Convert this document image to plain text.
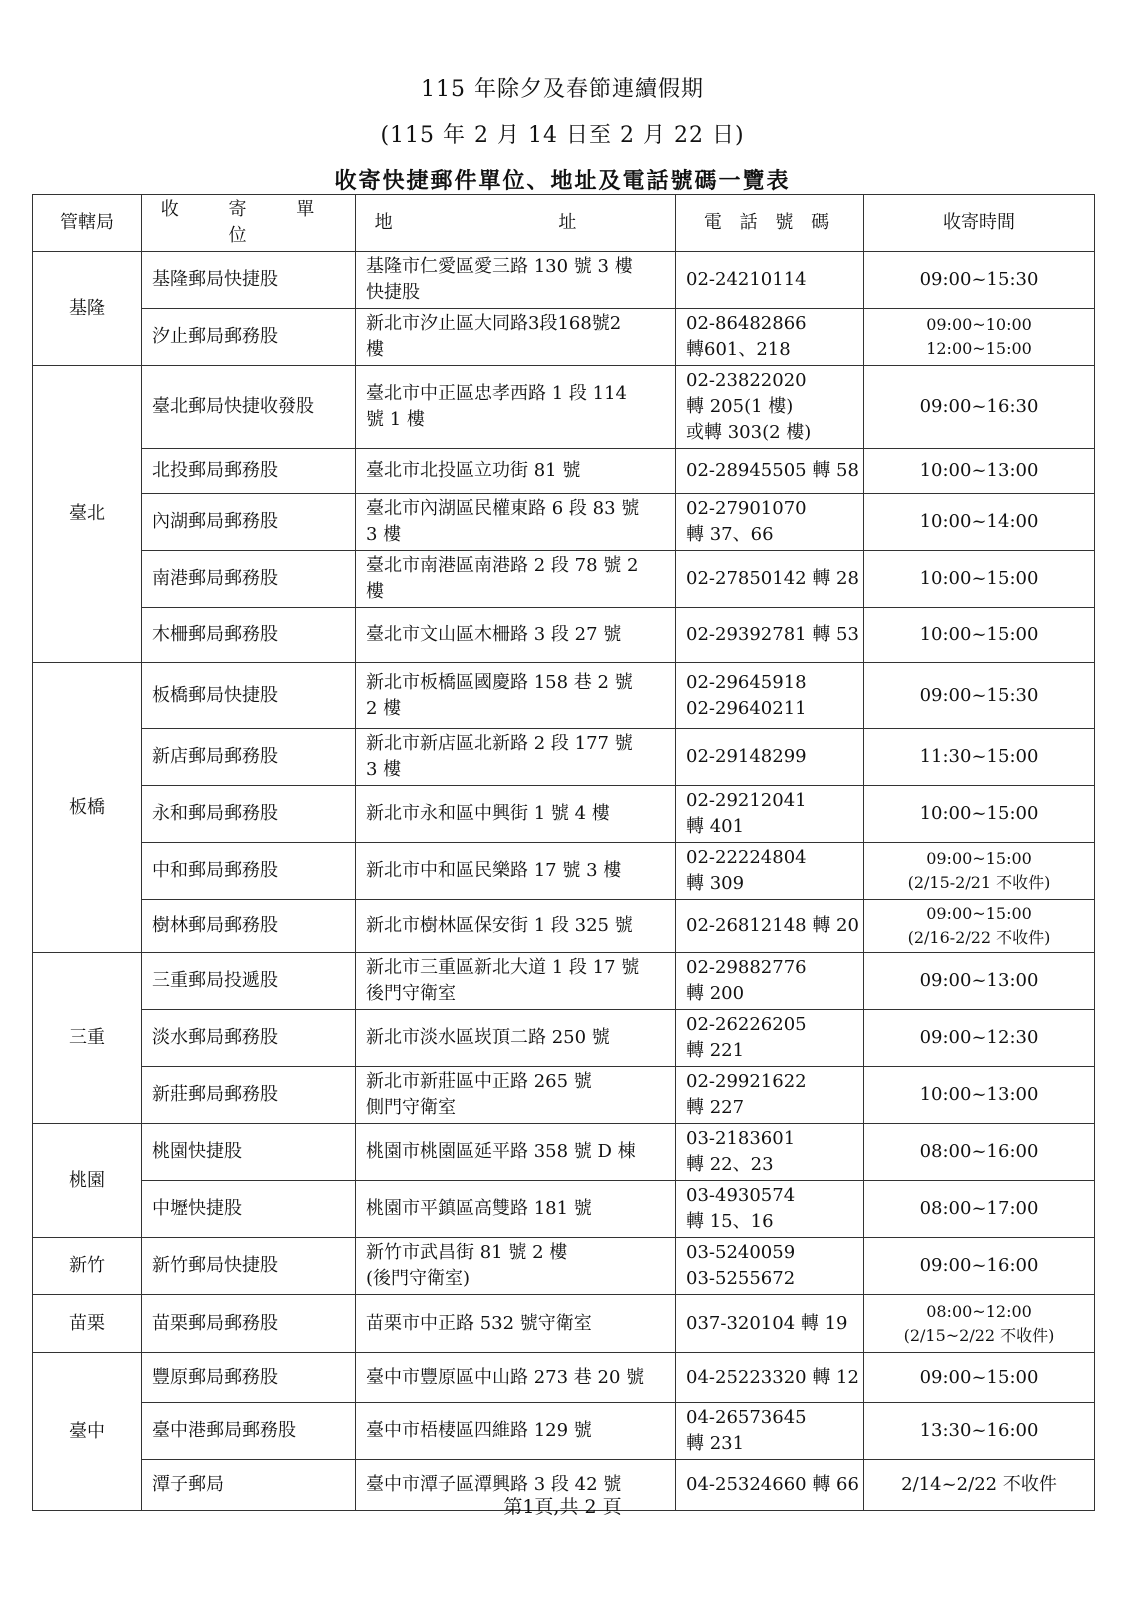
115 年除夕及春節連續假期
(115 年 2 月 14 日至 2 月 22 日)
收寄快捷郵件單位、地址及電話號碼一覽表
管轄局	收 寄 單 位	地 址	電 話 號 碼	收寄時間
基隆	基隆郵局快捷股	基隆市仁愛區愛三路 130 號 3 樓
快捷股	02-24210114	09:00~15:30

	汐止郵局郵務股	新北市汐止區大同路3段168號2
樓	02-86482866
轉601、218	09:00~10:00
12:00~15:00

臺北	臺北郵局快捷收發股	臺北市中正區忠孝西路 1 段 114
號 1 樓	02-23822020
轉 205(1 樓)
或轉 303(2 樓)	09:00~16:30

	北投郵局郵務股	臺北市北投區立功街 81 號	02-28945505 轉 58	10:00~13:00

	內湖郵局郵務股	臺北市內湖區民權東路 6 段 83 號
3 樓	02-27901070
轉 37、66	10:00~14:00

	南港郵局郵務股	臺北市南港區南港路 2 段 78 號 2
樓	02-27850142 轉 28	10:00~15:00

	木柵郵局郵務股	臺北市文山區木柵路 3 段 27 號	02-29392781 轉 53	10:00~15:00

板橋	板橋郵局快捷股	新北市板橋區國慶路 158 巷 2 號
2 樓	02-29645918
02-29640211	09:00~15:30

	新店郵局郵務股	新北市新店區北新路 2 段 177 號
3 樓	02-29148299	11:30~15:00

	永和郵局郵務股	新北市永和區中興街 1 號 4 樓	02-29212041
轉 401	10:00~15:00

	中和郵局郵務股	新北市中和區民樂路 17 號 3 樓	02-22224804
轉 309	09:00~15:00
(2/15-2/21 不收件)

	樹林郵局郵務股	新北市樹林區保安街 1 段 325 號	02-26812148 轉 20	09:00~15:00
(2/16-2/22 不收件)

三重	三重郵局投遞股	新北市三重區新北大道 1 段 17 號
後門守衛室	02-29882776
轉 200	09:00~13:00

	淡水郵局郵務股	新北市淡水區崁頂二路 250 號	02-26226205
轉 221	09:00~12:30

	新莊郵局郵務股	新北市新莊區中正路 265 號
側門守衛室	02-29921622
轉 227	10:00~13:00

桃園	桃園快捷股	桃園市桃園區延平路 358 號 D 棟	03-2183601
轉 22、23	08:00~16:00

	中壢快捷股	桃園市平鎮區高雙路 181 號	03-4930574
轉 15、16	08:00~17:00

新竹	新竹郵局快捷股	新竹市武昌街 81 號 2 樓
(後門守衛室)	03-5240059
03-5255672	09:00~16:00

苗栗	苗栗郵局郵務股	苗栗市中正路 532 號守衛室	037-320104 轉 19	08:00~12:00
(2/15~2/22 不收件)

臺中	豐原郵局郵務股	臺中市豐原區中山路 273 巷 20 號	04-25223320 轉 12	09:00~15:00

	臺中港郵局郵務股	臺中市梧棲區四維路 129 號	04-26573645
轉 231	13:30~16:00

	潭子郵局	臺中市潭子區潭興路 3 段 42 號	04-25324660 轉 66	2/14~2/22 不收件
第1頁,共 2 頁
